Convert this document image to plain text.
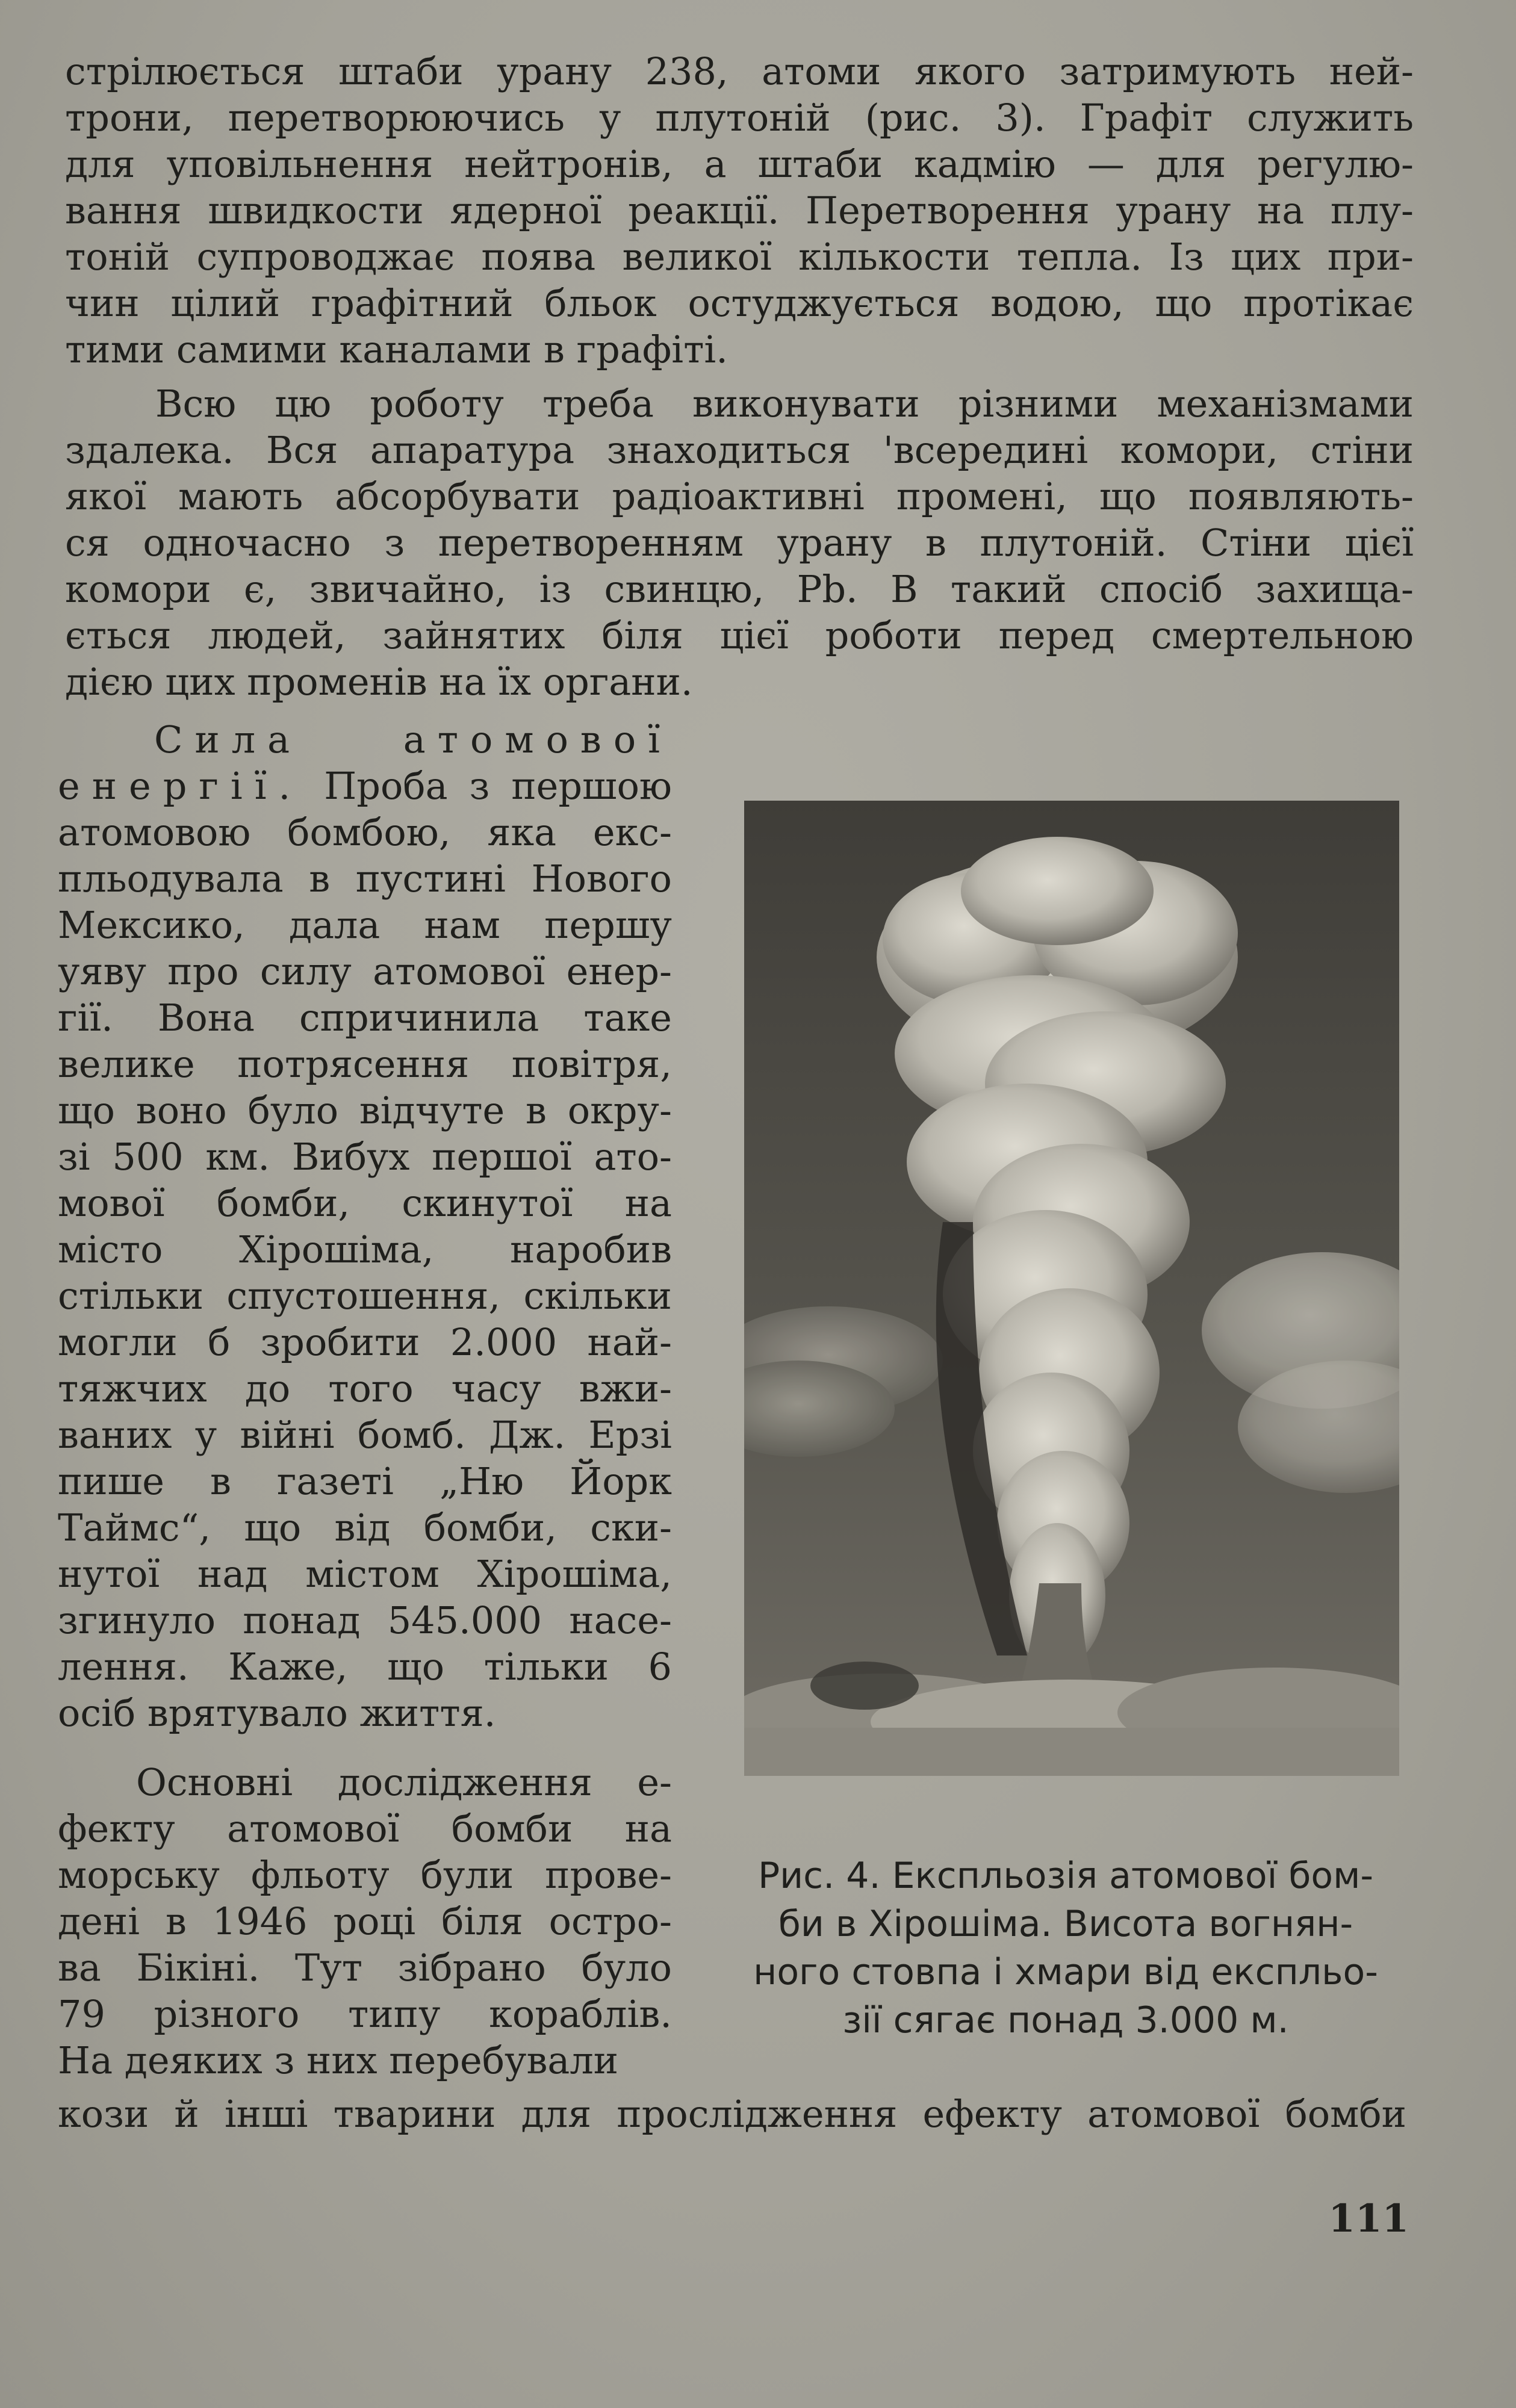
стрілюється штаби урану 238, атоми якого затримують ней-
трони, перетворюючись у плутоній (рис. 3). Графіт служить
для уповільнення нейтронів, а штаби кадмію — для регулю-
вання швидкости ядерної реакції. Перетворення урану на плу-
тоній супроводжає поява великої кількости тепла. Із цих при-
чин цілий графітний бльок остуджується водою, що протікає
тими самими каналами в графіті.

Всю цю роботу треба виконувати різними механізмами
здалека. Вся апаратура знаходиться 'всередині комори, стіни
якої мають абсорбувати радіоактивні промені, що появляють-
ся одночасно з перетворенням урану в плутоній. Стіни цієї
комори є, звичайно, із свинцю, Pb. В такий спосіб захища-
ється людей, зайнятих біля цієї роботи перед смертельною
дією цих променів на їх органи.

Сила атомової
енергії. Проба з першою
атомовою бомбою, яка екс-
пльодувала в пустині Нового
Мексико, дала нам першу
уяву про силу атомової енер-
гії. Вона спричинила таке
велике потрясення повітря,
що воно було відчуте в окру-
зі 500 км. Вибух першої ато-
мової бомби, скинутої на
місто Хірошіма, наробив
стільки спустошення, скільки
могли б зробити 2.000 най-
тяжчих до того часу вжи-
ваних у війні бомб. Дж. Ерзі
пише в газеті „Ню Йорк
Таймс“, що від бомби, ски-
нутої над містом Хірошіма,
згинуло понад 545.000 насе-
лення. Каже, що тільки 6
осіб врятувало життя.

Основні дослідження е-
фекту атомової бомби на
морську фльоту були прове-
дені в 1946 році біля остро-
ва Бікіні. Тут зібрано було
79 різного типу кораблів.
На деяких з них перебували

кози й інші тварини для прослідження ефекту атомової бомби

Рис. 4. Експльозія атомової бом-
би в Хірошіма. Висота вогнян-
ного стовпа і хмари від експльо-
зії сягає понад 3.000 м.

111
